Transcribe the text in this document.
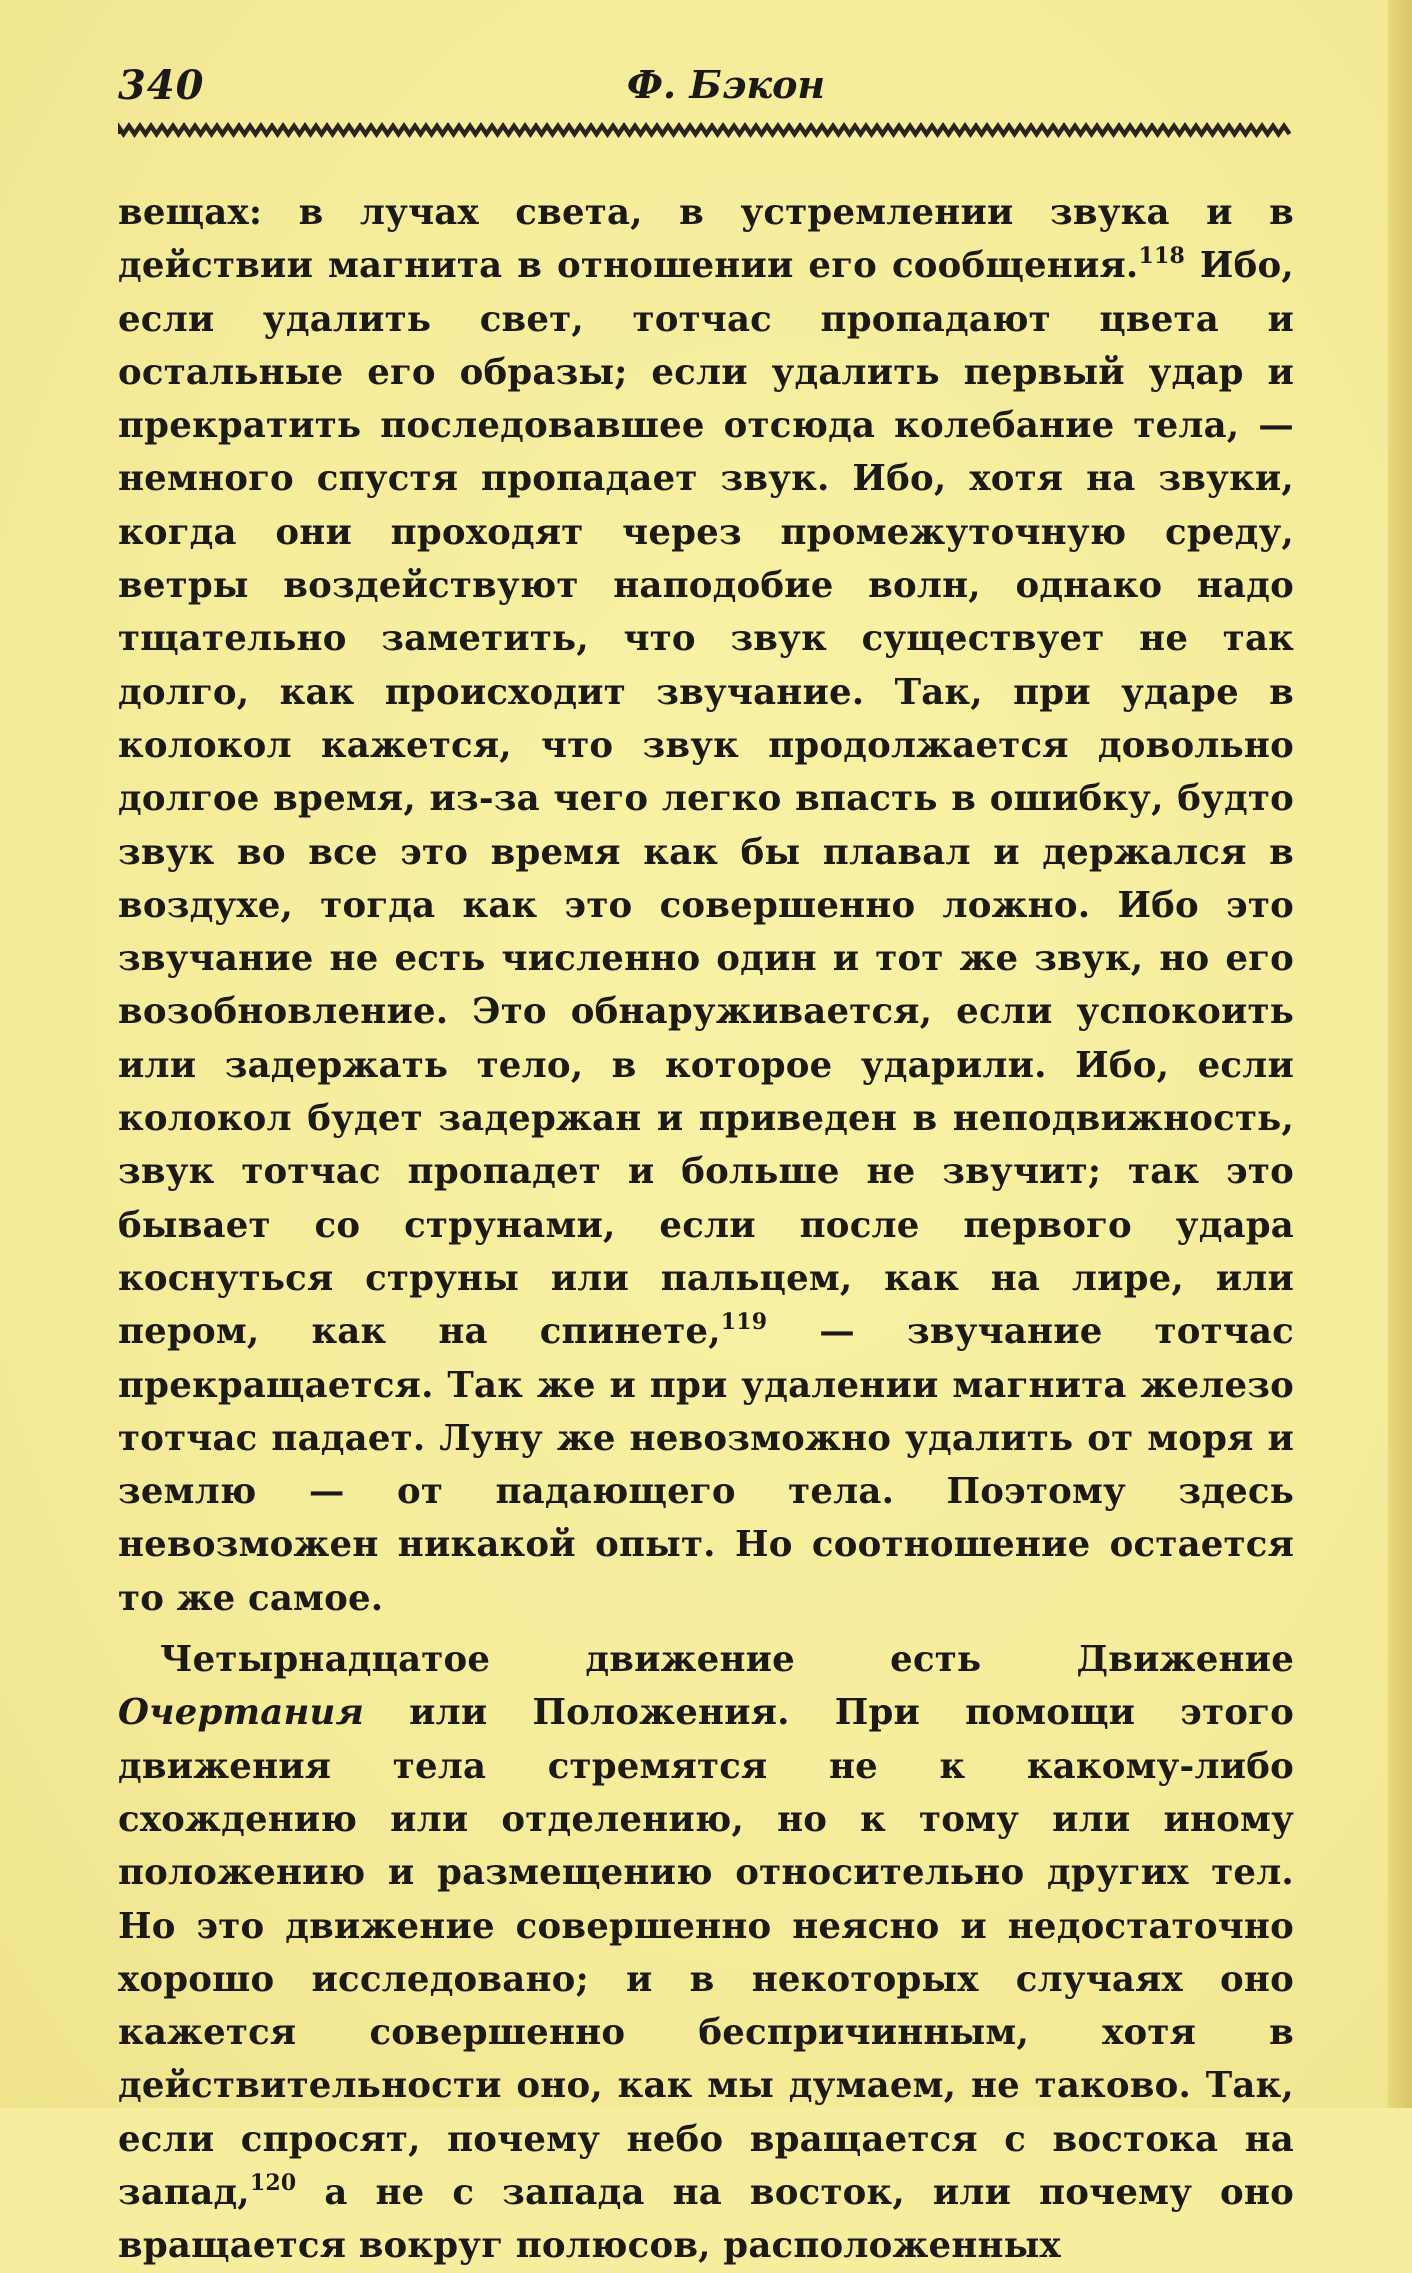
340	Ф. Бэкон

вещах: в лучах света, в устремлении звука и в действии магнита в отношении его сообщения.$^{118}$ Ибо, если удалить свет, тотчас пропадают цвета и остальные его образы; если удалить первый удар и прекратить последовавшее отсюда колебание тела, — немного спустя пропадает звук. Ибо, хотя на звуки, когда они проходят через промежуточную среду, ветры воздействуют наподобие волн, однако надо тщательно заметить, что звук существует не так долго, как происходит звучание. Так, при ударе в колокол кажется, что звук продолжается довольно долгое время, из-за чего легко впасть в ошибку, будто звук во все это время как бы плавал и держался в воздухе, тогда как это совершенно ложно. Ибо это звучание не есть численно один и тот же звук, но его возобновление. Это обнаруживается, если успокоить или задержать тело, в которое ударили. Ибо, если колокол будет задержан и приведен в неподвижность, звук тотчас пропадет и больше не звучит; так это бывает со струнами, если после первого удара коснуться струны или пальцем, как на лире, или пером, как на спинете,$^{119}$ — звучание тотчас прекращается. Так же и при удалении магнита железо тотчас падает. Луну же невозможно удалить от моря и землю — от падающего тела. Поэтому здесь невозможен никакой опыт. Но соотношение остается то же самое.

Четырнадцатое движение есть Движение Очертания или Положения. При помощи этого движения тела стремятся не к какому-либо схождению или отделению, но к тому или иному положению и размещению относительно других тел. Но это движение совершенно неясно и недостаточно хорошо исследовано; и в некоторых случаях оно кажется совершенно беспричинным, хотя в действительности оно, как мы думаем, не таково. Так, если спросят, почему небо вращается с востока на запад,$^{120}$ а не с запада на восток, или почему оно вращается вокруг полюсов, расположенных
